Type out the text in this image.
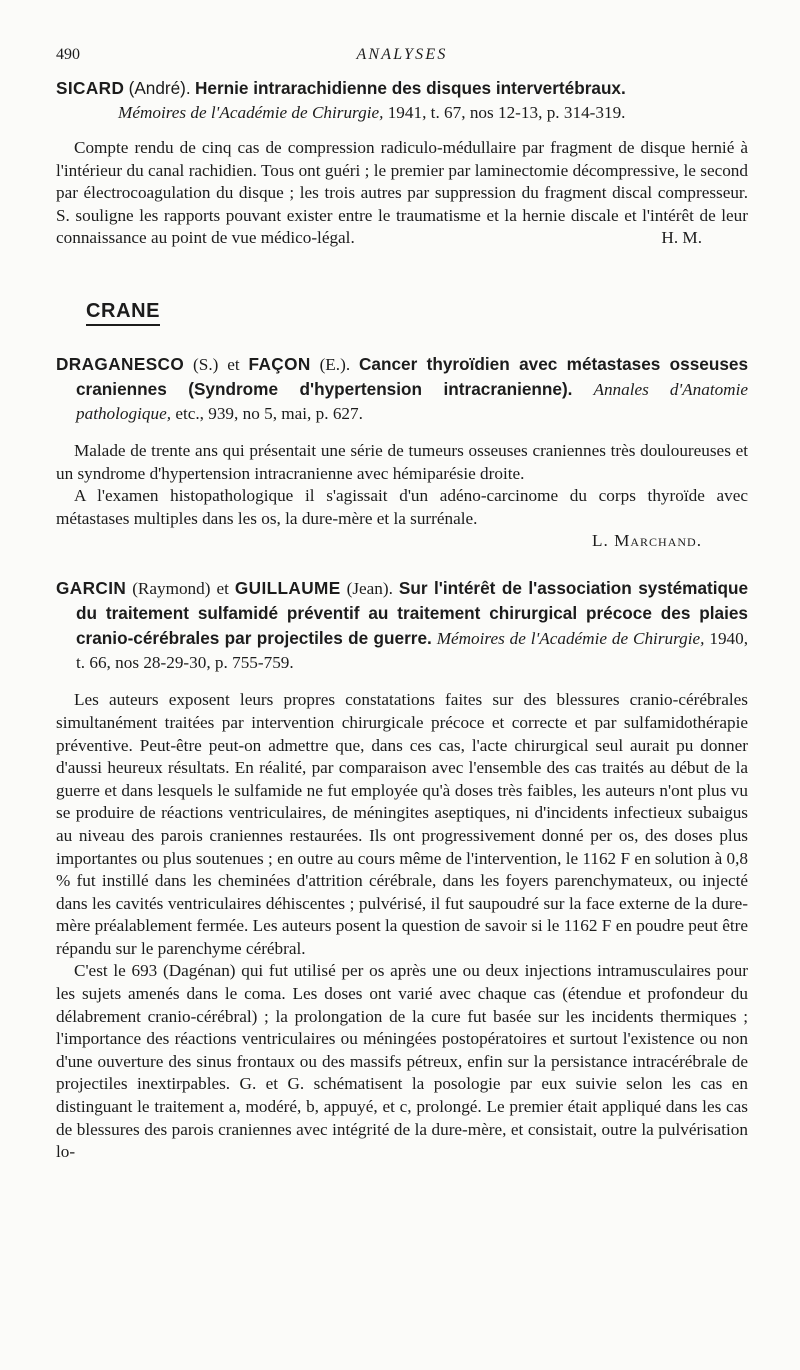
490	ANALYSES
SICARD (André). Hernie intrarachidienne des disques intervertébraux.
Mémoires de l'Académie de Chirurgie, 1941, t. 67, nos 12-13, p. 314-319.

Compte rendu de cinq cas de compression radiculo-médullaire par fragment de disque hernié à l'intérieur du canal rachidien. Tous ont guéri ; le premier par laminectomie décompressive, le second par électrocoagulation du disque ; les trois autres par suppression du fragment discal compresseur. S. souligne les rapports pouvant exister entre le traumatisme et la hernie discale et l'intérêt de leur connaissance au point de vue médico-légal.	H. M.

CRANE
DRAGANESCO (S.) et FAÇON (E.). Cancer thyroïdien avec métastases osseuses craniennes (Syndrome d'hypertension intracranienne). Annales d'Anatomie pathologique, etc., 939, no 5, mai, p. 627.

Malade de trente ans qui présentait une série de tumeurs osseuses craniennes très douloureuses et un syndrome d'hypertension intracranienne avec hémiparésie droite.

A l'examen histopathologique il s'agissait d'un adéno-carcinome du corps thyroïde avec métastases multiples dans les os, la dure-mère et la surrénale.

L. Marchand.
GARCIN (Raymond) et GUILLAUME (Jean). Sur l'intérêt de l'association systématique du traitement sulfamidé préventif au traitement chirurgical précoce des plaies cranio-cérébrales par projectiles de guerre. Mémoires de l'Académie de Chirurgie, 1940, t. 66, nos 28-29-30, p. 755-759.

Les auteurs exposent leurs propres constatations faites sur des blessures cranio-cérébrales simultanément traitées par intervention chirurgicale précoce et correcte et par sulfamidothérapie préventive. Peut-être peut-on admettre que, dans ces cas, l'acte chirurgical seul aurait pu donner d'aussi heureux résultats. En réalité, par comparaison avec l'ensemble des cas traités au début de la guerre et dans lesquels le sulfamide ne fut employée qu'à doses très faibles, les auteurs n'ont plus vu se produire de réactions ventriculaires, de méningites aseptiques, ni d'incidents infectieux subaigus au niveau des parois craniennes restaurées. Ils ont progressivement donné per os, des doses plus importantes ou plus soutenues ; en outre au cours même de l'intervention, le 1162 F en solution à 0,8 % fut instillé dans les cheminées d'attrition cérébrale, dans les foyers parenchymateux, ou injecté dans les cavités ventriculaires déhiscentes ; pulvérisé, il fut saupoudré sur la face externe de la dure-mère préalablement fermée. Les auteurs posent la question de savoir si le 1162 F en poudre peut être répandu sur le parenchyme cérébral.

C'est le 693 (Dagénan) qui fut utilisé per os après une ou deux injections intramusculaires pour les sujets amenés dans le coma. Les doses ont varié avec chaque cas (étendue et profondeur du délabrement cranio-cérébral) ; la prolongation de la cure fut basée sur les incidents thermiques ; l'importance des réactions ventriculaires ou méningées postopératoires et surtout l'existence ou non d'une ouverture des sinus frontaux ou des massifs pétreux, enfin sur la persistance intracérébrale de projectiles inextirpables. G. et G. schématisent la posologie par eux suivie selon les cas en distinguant le traitement a, modéré, b, appuyé, et c, prolongé. Le premier était appliqué dans les cas de blessures des parois craniennes avec intégrité de la dure-mère, et consistait, outre la pulvérisation lo-
